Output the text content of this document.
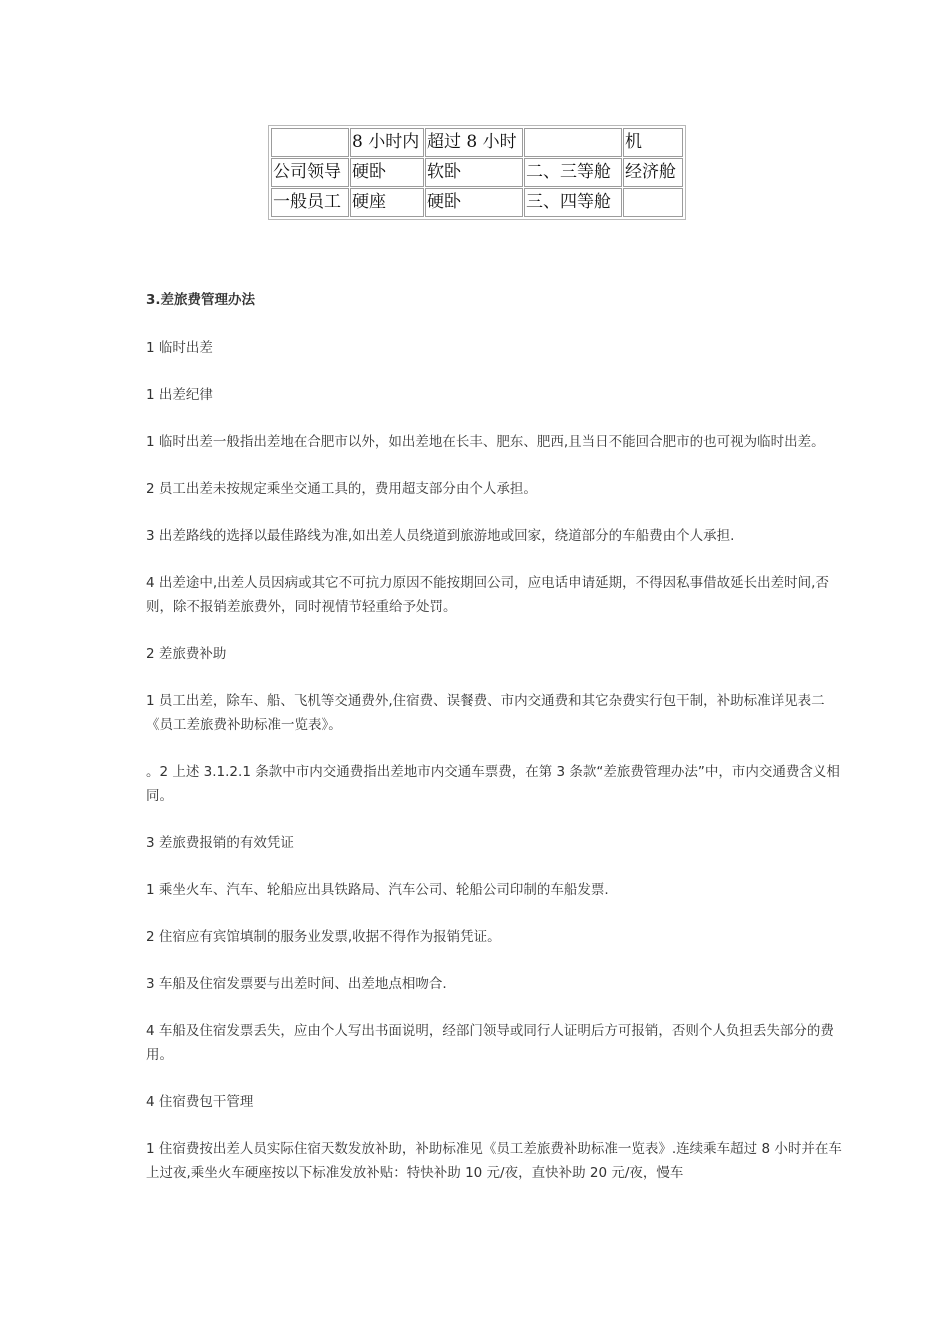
	8 小时内	超过 8 小时		机
公司领导	硬卧	软卧	二、三等舱	经济舱
一般员工	硬座	硬卧	三、四等舱	

3.差旅费管理办法

1 临时出差

1 出差纪律

1 临时出差一般指出差地在合肥市以外，如出差地在长丰、肥东、肥西,且当日不能回合肥市的也可视为临时出差。

2 员工出差未按规定乘坐交通工具的，费用超支部分由个人承担。

3 出差路线的选择以最佳路线为准,如出差人员绕道到旅游地或回家，绕道部分的车船费由个人承担.

4 出差途中,出差人员因病或其它不可抗力原因不能按期回公司，应电话申请延期，不得因私事借故延长出差时间,否则，除不报销差旅费外，同时视情节轻重给予处罚。

2 差旅费补助

1 员工出差，除车、船、飞机等交通费外,住宿费、误餐费、市内交通费和其它杂费实行包干制，补助标准详见表二《员工差旅费补助标准一览表》。

。2 上述 3.1.2.1 条款中市内交通费指出差地市内交通车票费，在第 3 条款“差旅费管理办法”中，市内交通费含义相同。

3 差旅费报销的有效凭证

1 乘坐火车、汽车、轮船应出具铁路局、汽车公司、轮船公司印制的车船发票.

2 住宿应有宾馆填制的服务业发票,收据不得作为报销凭证。

3 车船及住宿发票要与出差时间、出差地点相吻合.

4 车船及住宿发票丢失，应由个人写出书面说明，经部门领导或同行人证明后方可报销，否则个人负担丢失部分的费用。

4 住宿费包干管理

1 住宿费按出差人员实际住宿天数发放补助，补助标准见《员工差旅费补助标准一览表》.连续乘车超过 8 小时并在车上过夜,乘坐火车硬座按以下标准发放补贴：特快补助 10 元/夜，直快补助 20 元/夜，慢车
